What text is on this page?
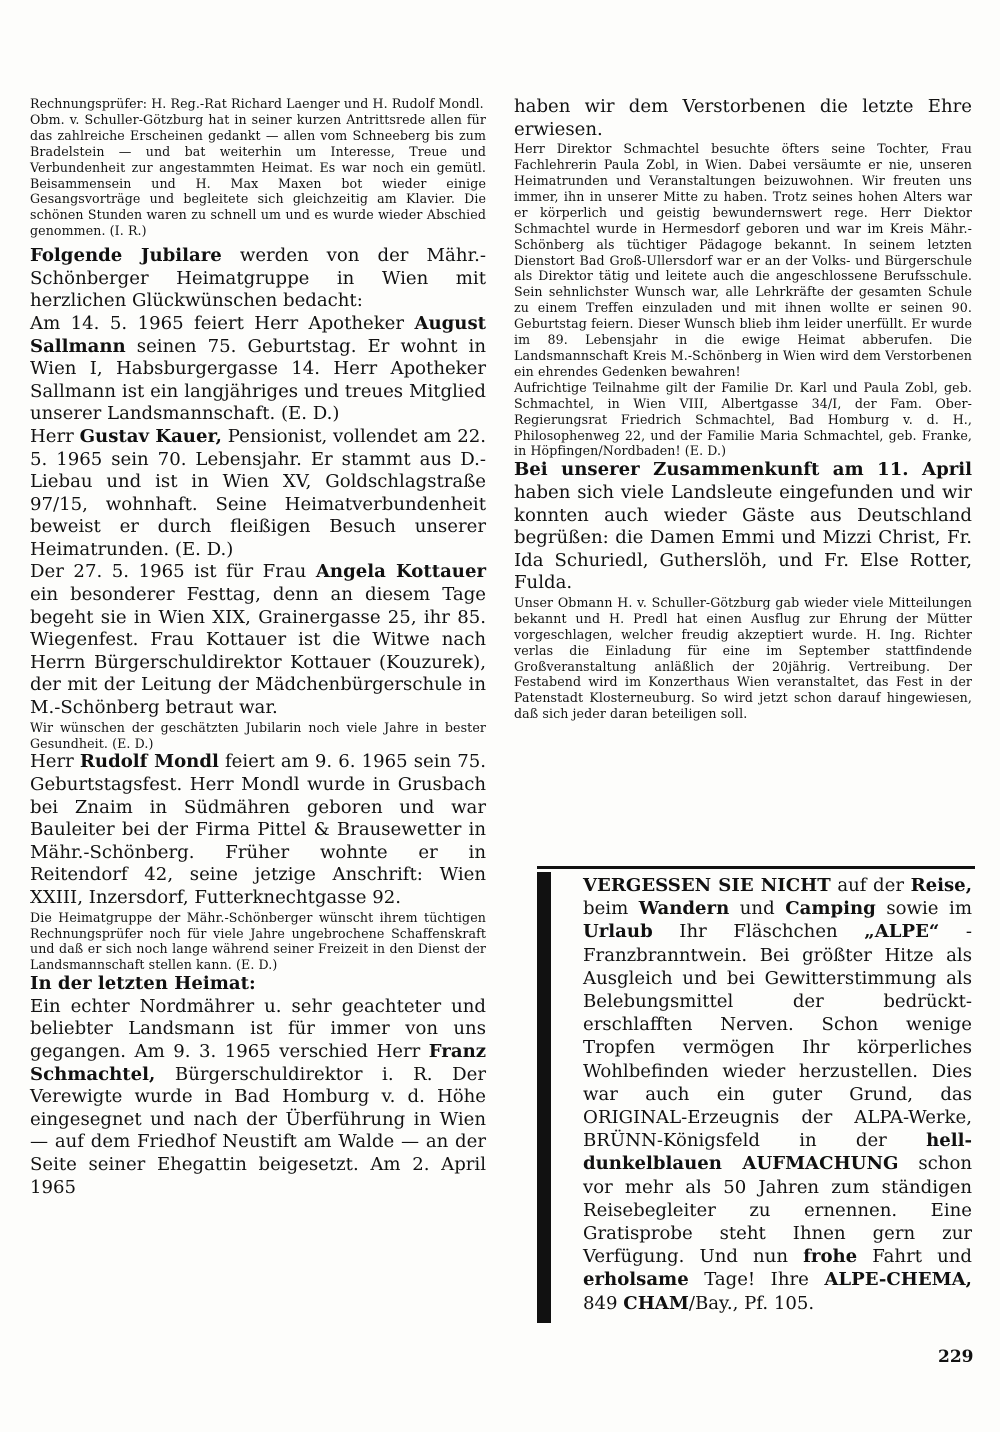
Rechnungsprüfer: H. Reg.-Rat Richard Laenger und H. Rudolf Mondl.

Obm. v. Schuller-Götzburg hat in seiner kurzen Antrittsrede allen für das zahlreiche Erscheinen gedankt — allen vom Schneeberg bis zum Bradelstein — und bat weiterhin um Interesse, Treue und Verbundenheit zur angestammten Heimat. Es war noch ein gemütl. Beisammensein und H. Max Maxen bot wieder einige Gesangsvorträge und begleitete sich gleichzeitig am Klavier. Die schönen Stunden waren zu schnell um und es wurde wieder Abschied genommen. (I. R.)

Folgende Jubilare werden von der Mähr.-Schönberger Heimatgruppe in Wien mit herzlichen Glückwünschen bedacht:

Am 14. 5. 1965 feiert Herr Apotheker August Sallmann seinen 75. Geburtstag. Er wohnt in Wien I, Habsburgergasse 14. Herr Apotheker Sallmann ist ein langjähriges und treues Mitglied unserer Landsmannschaft. (E. D.)

Herr Gustav Kauer, Pensionist, vollendet am 22. 5. 1965 sein 70. Lebensjahr. Er stammt aus D.-Liebau und ist in Wien XV, Goldschlagstraße 97/15, wohnhaft. Seine Heimatverbundenheit beweist er durch fleißigen Besuch unserer Heimatrunden. (E. D.)

Der 27. 5. 1965 ist für Frau Angela Kottauer ein besonderer Festtag, denn an diesem Tage begeht sie in Wien XIX, Grainergasse 25, ihr 85. Wiegenfest. Frau Kottauer ist die Witwe nach Herrn Bürgerschuldirektor Kottauer (Kouzurek), der mit der Leitung der Mädchenbürgerschule in M.-Schönberg betraut war.

Wir wünschen der geschätzten Jubilarin noch viele Jahre in bester Gesundheit. (E. D.)

Herr Rudolf Mondl feiert am 9. 6. 1965 sein 75. Geburtstagsfest. Herr Mondl wurde in Grusbach bei Znaim in Südmähren geboren und war Bauleiter bei der Firma Pittel & Brausewetter in Mähr.-Schönberg. Früher wohnte er in Reitendorf 42, seine jetzige Anschrift: Wien XXIII, Inzersdorf, Futterknechtgasse 92.

Die Heimatgruppe der Mähr.-Schönberger wünscht ihrem tüchtigen Rechnungsprüfer noch für viele Jahre ungebrochene Schaffenskraft und daß er sich noch lange während seiner Freizeit in den Dienst der Landsmannschaft stellen kann. (E. D.)

In der letzten Heimat:

Ein echter Nordmährer u. sehr geachteter und beliebter Landsmann ist für immer von uns gegangen. Am 9. 3. 1965 verschied Herr Franz Schmachtel, Bürgerschuldirektor i. R. Der Verewigte wurde in Bad Homburg v. d. Höhe eingesegnet und nach der Überführung in Wien — auf dem Friedhof Neustift am Walde — an der Seite seiner Ehegattin beigesetzt. Am 2. April 1965

haben wir dem Verstorbenen die letzte Ehre erwiesen.

Herr Direktor Schmachtel besuchte öfters seine Tochter, Frau Fachlehrerin Paula Zobl, in Wien. Dabei versäumte er nie, unseren Heimatrunden und Veranstaltungen beizuwohnen. Wir freuten uns immer, ihn in unserer Mitte zu haben. Trotz seines hohen Alters war er körperlich und geistig bewundernswert rege. Herr Diektor Schmachtel wurde in Hermesdorf geboren und war im Kreis Mähr.-Schönberg als tüchtiger Pädagoge bekannt. In seinem letzten Dienstort Bad Groß-Ullersdorf war er an der Volks- und Bürgerschule als Direktor tätig und leitete auch die angeschlossene Berufsschule. Sein sehnlichster Wunsch war, alle Lehrkräfte der gesamten Schule zu einem Treffen einzuladen und mit ihnen wollte er seinen 90. Geburtstag feiern. Dieser Wunsch blieb ihm leider unerfüllt. Er wurde im 89. Lebensjahr in die ewige Heimat abberufen. Die Landsmannschaft Kreis M.-Schönberg in Wien wird dem Verstorbenen ein ehrendes Gedenken bewahren!

Aufrichtige Teilnahme gilt der Familie Dr. Karl und Paula Zobl, geb. Schmachtel, in Wien VIII, Albertgasse 34/I, der Fam. Ober-Regierungsrat Friedrich Schmachtel, Bad Homburg v. d. H., Philosophenweg 22, und der Familie Maria Schmachtel, geb. Franke, in Höpfingen/Nordbaden! (E. D.)

Bei unserer Zusammenkunft am 11. April haben sich viele Landsleute eingefunden und wir konnten auch wieder Gäste aus Deutschland begrüßen: die Damen Emmi und Mizzi Christ, Fr. Ida Schuriedl, Gutherslöh, und Fr. Else Rotter, Fulda.

Unser Obmann H. v. Schuller-Götzburg gab wieder viele Mitteilungen bekannt und H. Predl hat einen Ausflug zur Ehrung der Mütter vorgeschlagen, welcher freudig akzeptiert wurde. H. Ing. Richter verlas die Einladung für eine im September stattfindende Großveranstaltung anläßlich der 20jährig. Vertreibung. Der Festabend wird im Konzerthaus Wien veranstaltet, das Fest in der Patenstadt Klosterneuburg. So wird jetzt schon darauf hingewiesen, daß sich jeder daran beteiligen soll.

VERGESSEN SIE NICHT auf der Reise, beim Wandern und Camping sowie im Urlaub Ihr Fläschchen „ALPE“ - Franzbranntwein. Bei größter Hitze als Ausgleich und bei Gewitterstimmung als Belebungsmittel der bedrückt-erschlafften Nerven. Schon wenige Tropfen vermögen Ihr körperliches Wohlbefinden wieder herzustellen. Dies war auch ein guter Grund, das ORIGINAL-Erzeugnis der ALPA-Werke, BRÜNN-Königsfeld in der hell-dunkelblauen AUFMACHUNG schon vor mehr als 50 Jahren zum ständigen Reisebegleiter zu ernennen. Eine Gratisprobe steht Ihnen gern zur Verfügung. Und nun frohe Fahrt und erholsame Tage! Ihre ALPE-CHEMA, 849 CHAM/Bay., Pf. 105.

229
